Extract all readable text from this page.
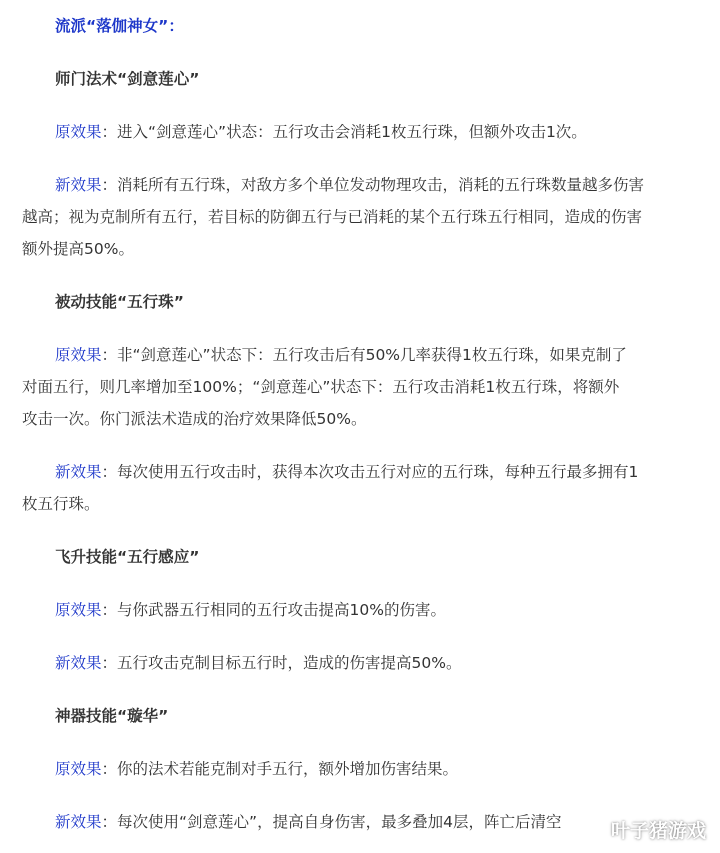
流派“落伽神女”：
师门法术“剑意莲心”
原效果：进入“剑意莲心”状态：五行攻击会消耗1枚五行珠，但额外攻击1次。
新效果：消耗所有五行珠，对敌方多个单位发动物理攻击，消耗的五行珠数量越多伤害
越高；视为克制所有五行，若目标的防御五行与已消耗的某个五行珠五行相同，造成的伤害
额外提高50%。
被动技能“五行珠”
原效果：非“剑意莲心”状态下：五行攻击后有50%几率获得1枚五行珠，如果克制了
对面五行，则几率增加至100%；“剑意莲心”状态下：五行攻击消耗1枚五行珠，将额外
攻击一次。你门派法术造成的治疗效果降低50%。
新效果：每次使用五行攻击时，获得本次攻击五行对应的五行珠，每种五行最多拥有1
枚五行珠。
飞升技能“五行感应”
原效果：与你武器五行相同的五行攻击提高10%的伤害。
新效果：五行攻击克制目标五行时，造成的伤害提高50%。
神器技能“璇华”
原效果：你的法术若能克制对手五行，额外增加伤害结果。
新效果：每次使用“剑意莲心”，提高自身伤害，最多叠加4层，阵亡后清空	叶子猪游戏
